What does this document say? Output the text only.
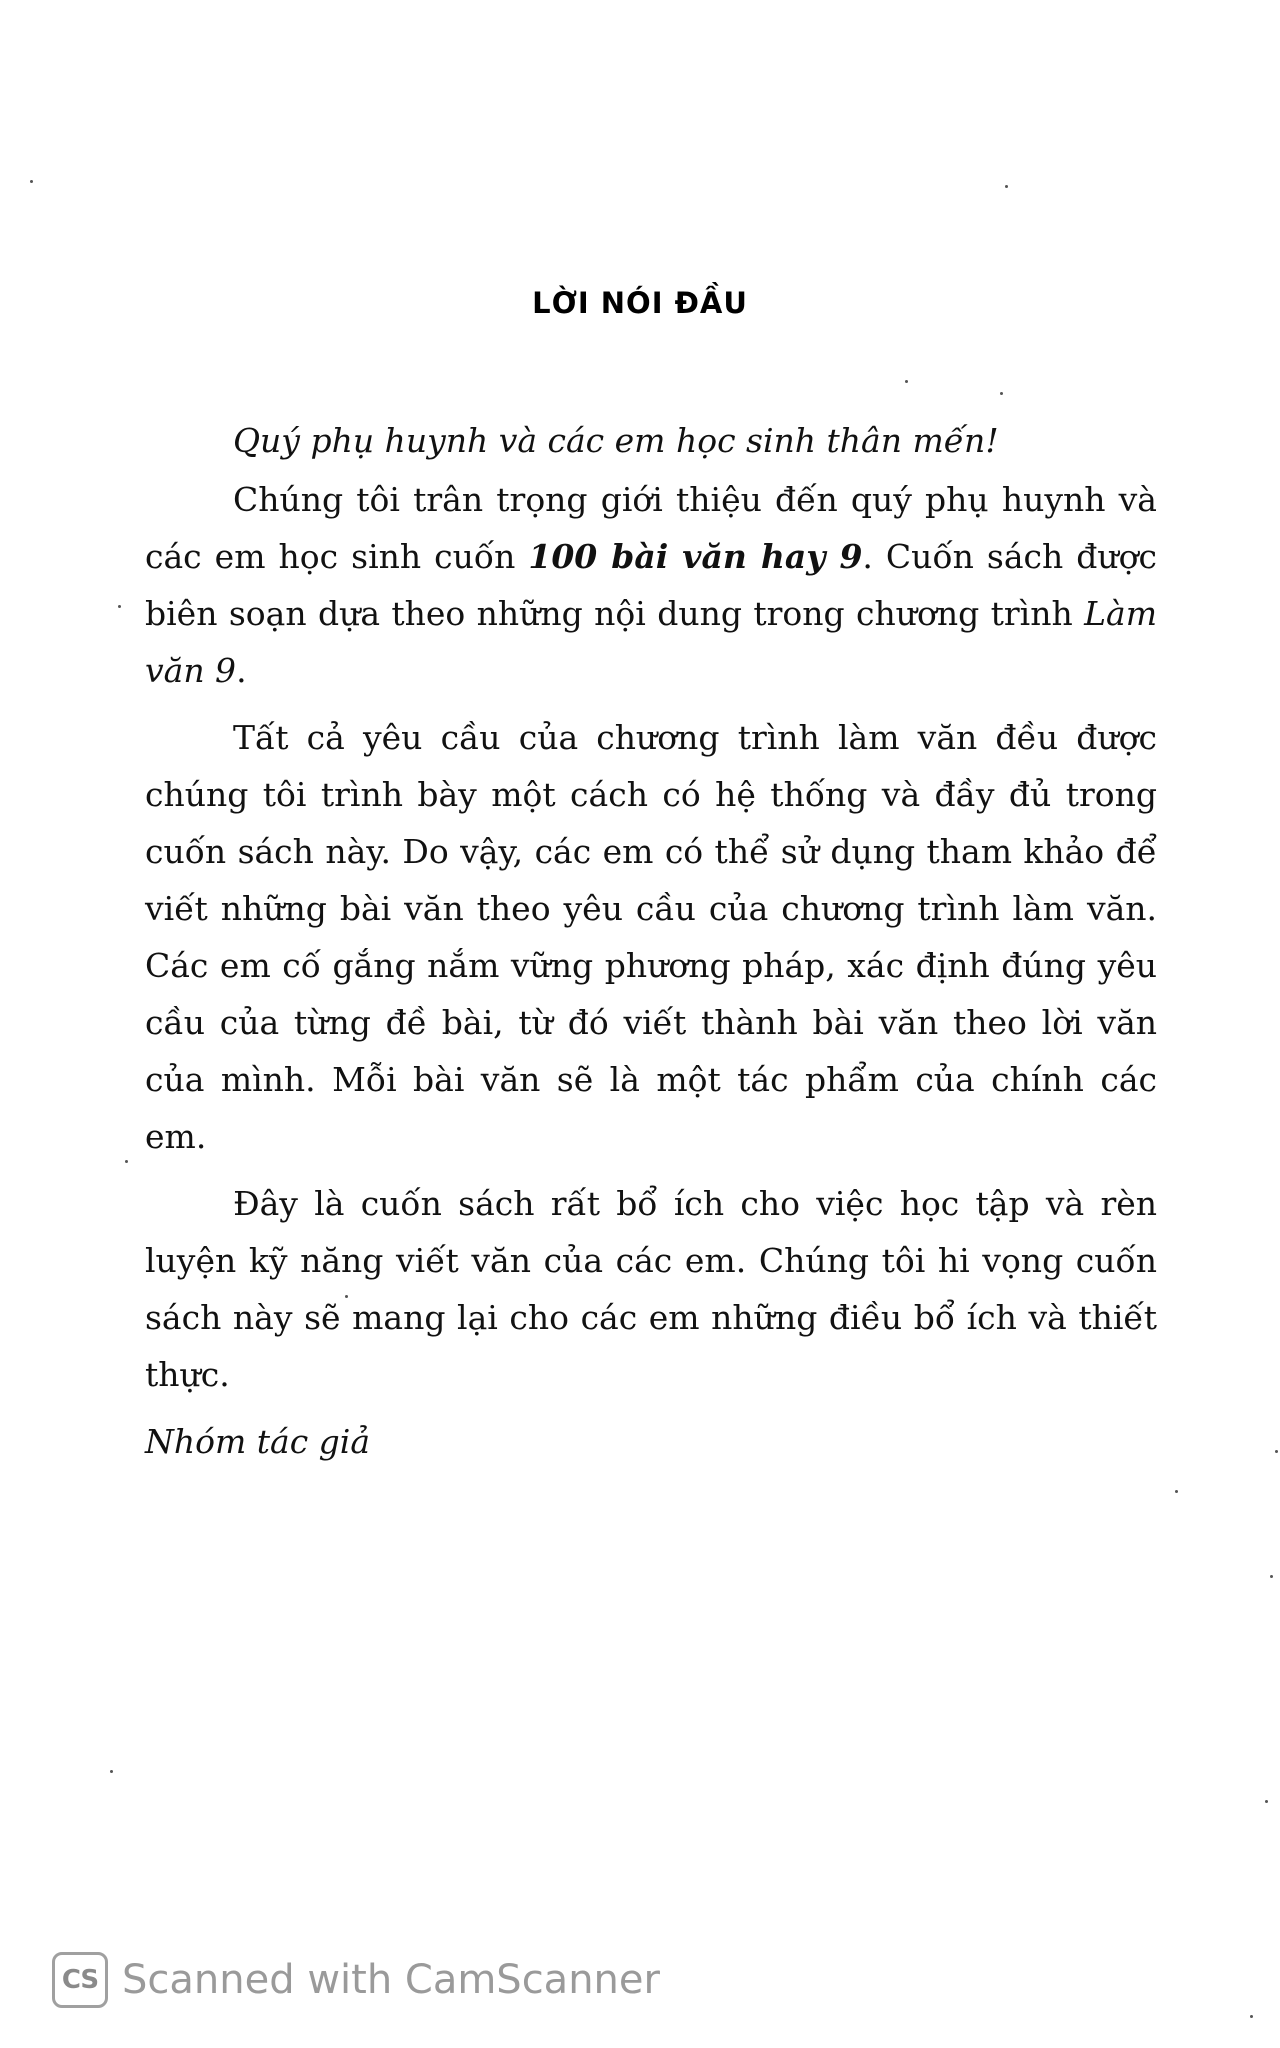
LỜI NÓI ĐẦU

Quý phụ huynh và các em học sinh thân mến!

Chúng tôi trân trọng giới thiệu đến quý phụ huynh và các em học sinh cuốn 100 bài văn hay 9. Cuốn sách được biên soạn dựa theo những nội dung trong chương trình Làm văn 9.

Tất cả yêu cầu của chương trình làm văn đều được chúng tôi trình bày một cách có hệ thống và đầy đủ trong cuốn sách này. Do vậy, các em có thể sử dụng tham khảo để viết những bài văn theo yêu cầu của chương trình làm văn. Các em cố gắng nắm vững phương pháp, xác định đúng yêu cầu của từng đề bài, từ đó viết thành bài văn theo lời văn của mình. Mỗi bài văn sẽ là một tác phẩm của chính các em.

Đây là cuốn sách rất bổ ích cho việc học tập và rèn luyện kỹ năng viết văn của các em. Chúng tôi hi vọng cuốn sách này sẽ mang lại cho các em những điều bổ ích và thiết thực.

Nhóm tác giả

CS Scanned with CamScanner
